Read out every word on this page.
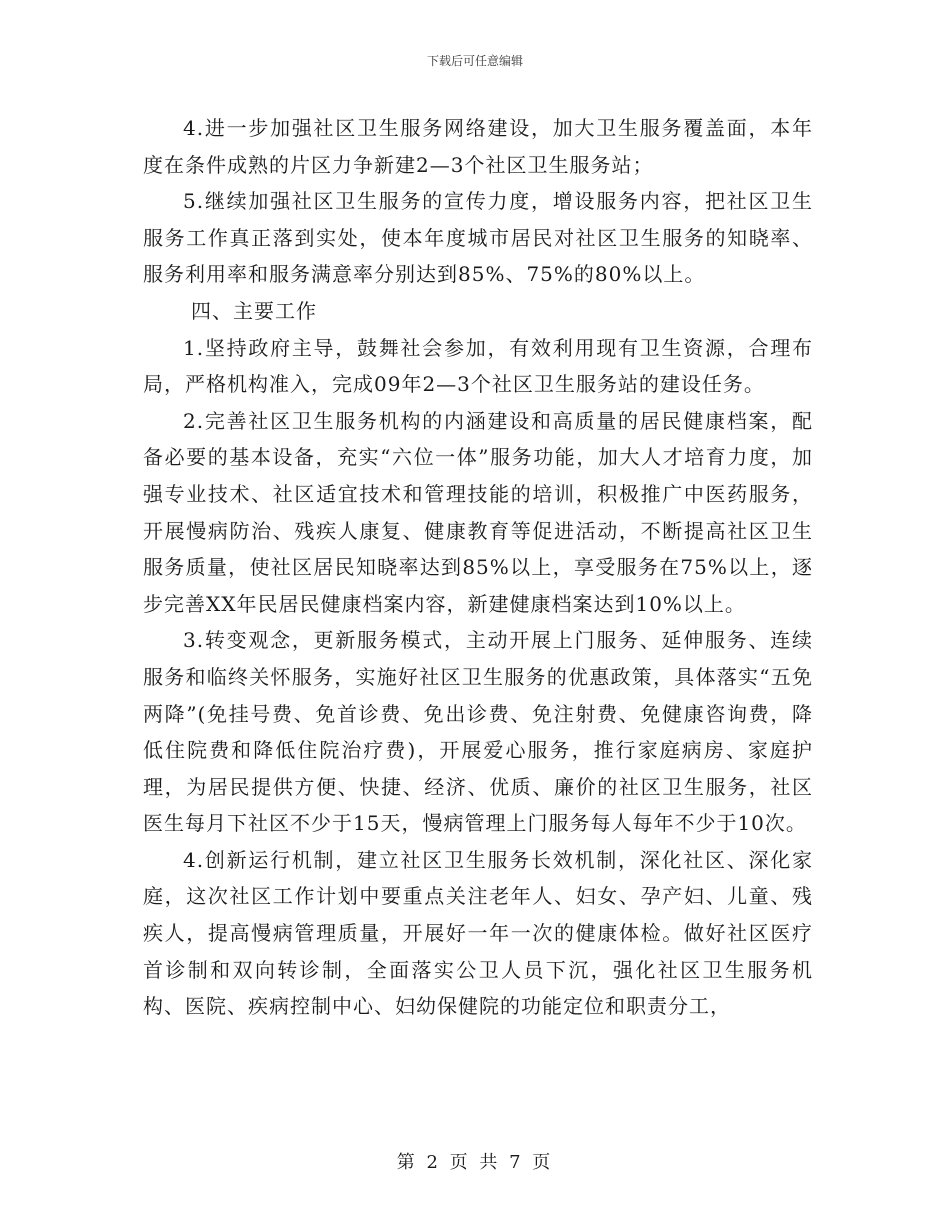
下载后可任意编辑

4.进一步加强社区卫生服务网络建设，加大卫生服务覆盖面，本年度在条件成熟的片区力争新建2—3个社区卫生服务站；

5.继续加强社区卫生服务的宣传力度，增设服务内容，把社区卫生服务工作真正落到实处，使本年度城市居民对社区卫生服务的知晓率、服务利用率和服务满意率分别达到85%、75%的80%以上。

四、主要工作

1.坚持政府主导，鼓舞社会参加，有效利用现有卫生资源，合理布局，严格机构准入，完成09年2—3个社区卫生服务站的建设任务。

2.完善社区卫生服务机构的内涵建设和高质量的居民健康档案，配备必要的基本设备，充实“六位一体”服务功能，加大人才培育力度，加强专业技术、社区适宜技术和管理技能的培训，积极推广中医药服务，开展慢病防治、残疾人康复、健康教育等促进活动，不断提高社区卫生服务质量，使社区居民知晓率达到85%以上，享受服务在75%以上，逐步完善XX年民居民健康档案内容，新建健康档案达到10%以上。

3.转变观念，更新服务模式，主动开展上门服务、延伸服务、连续服务和临终关怀服务，实施好社区卫生服务的优惠政策，具体落实“五免两降”(免挂号费、免首诊费、免出诊费、免注射费、免健康咨询费，降低住院费和降低住院治疗费)，开展爱心服务，推行家庭病房、家庭护理，为居民提供方便、快捷、经济、优质、廉价的社区卫生服务，社区医生每月下社区不少于15天，慢病管理上门服务每人每年不少于10次。

4.创新运行机制，建立社区卫生服务长效机制，深化社区、深化家庭，这次社区工作计划中要重点关注老年人、妇女、孕产妇、儿童、残疾人，提高慢病管理质量，开展好一年一次的健康体检。做好社区医疗首诊制和双向转诊制，全面落实公卫人员下沉，强化社区卫生服务机构、医院、疾病控制中心、妇幼保健院的功能定位和职责分工，

第 2 页 共 7 页
